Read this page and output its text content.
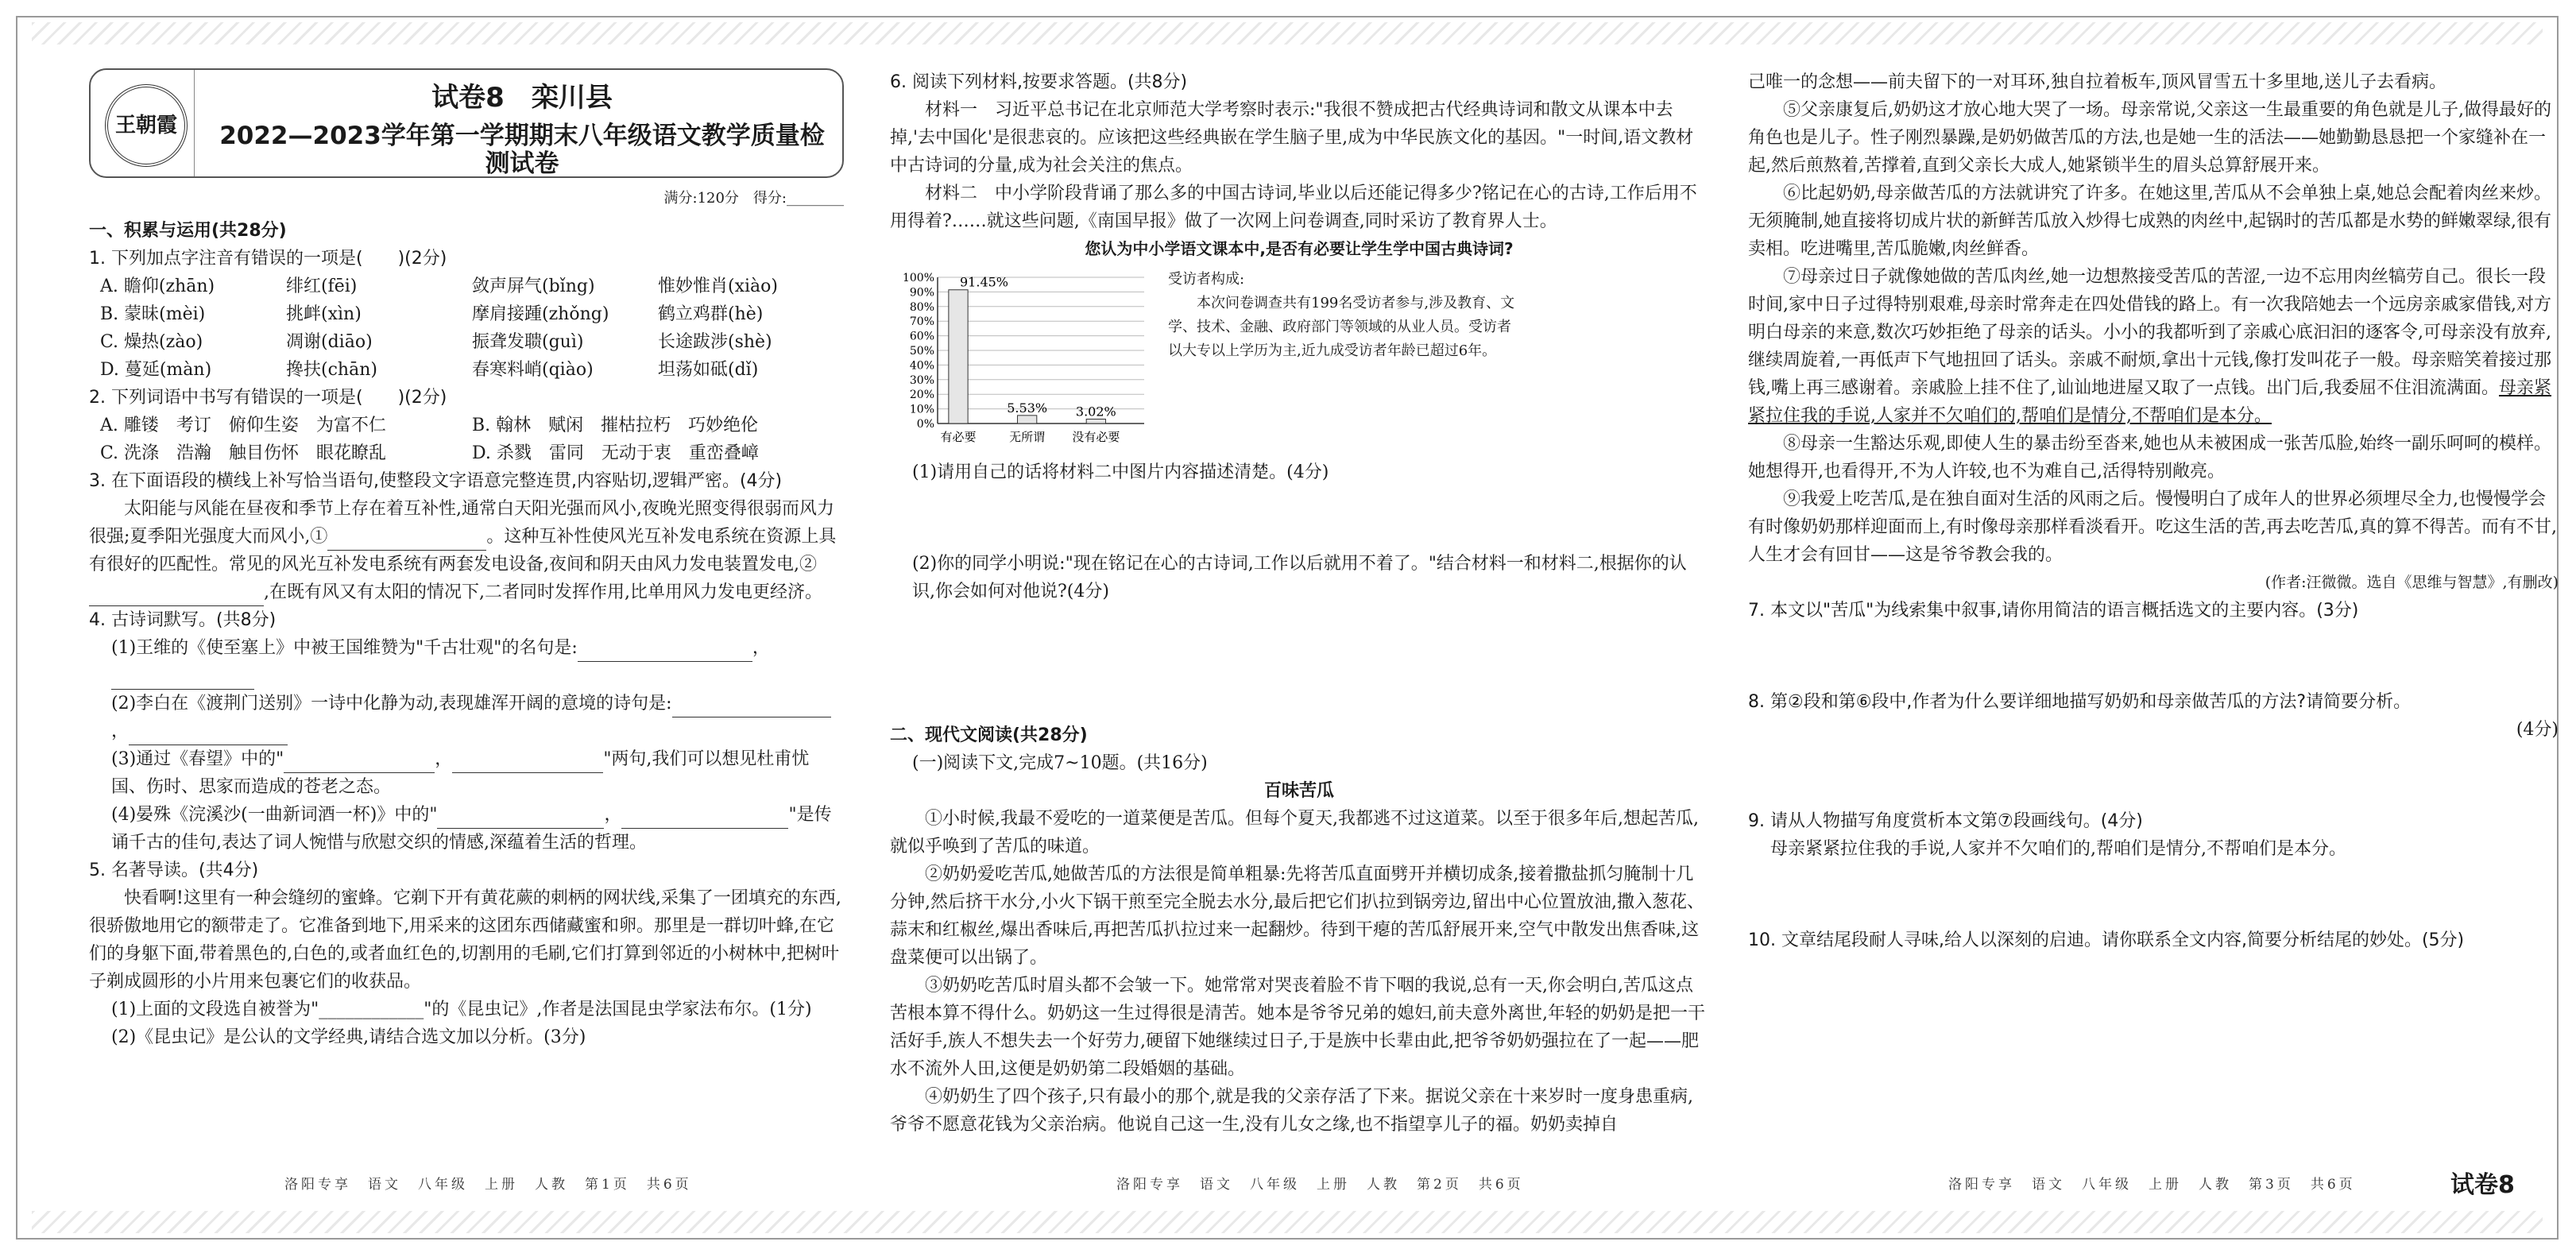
王朝霞
试卷8　栾川县
2022—2023学年第一学期期末八年级语文教学质量检测试卷
满分:120分　得分:________

一、积累与运用(共28分)

1. 下列加点字注音有错误的一项是(　　)(2分)

A. 瞻仰(zhān)	绯红(fēi)	敛声屏气(bǐng)	惟妙惟肖(xiào)
B. 蒙昧(mèi)	挑衅(xìn)	摩肩接踵(zhǒng)	鹤立鸡群(hè)
C. 燥热(zào)	凋谢(diāo)	振聋发聩(guì)	长途跋涉(shè)
D. 蔓延(màn)	搀扶(chān)	春寒料峭(qiào)	坦荡如砥(dǐ)

2. 下列词语中书写有错误的一项是(　　)(2分)

A. 雕镂　考订　俯仰生姿　为富不仁	B. 翰林　赋闲　摧枯拉朽　巧妙绝伦
C. 洗涤　浩瀚　触目伤怀　眼花瞭乱	D. 杀戮　雷同　无动于衷　重峦叠嶂

3. 在下面语段的横线上补写恰当语句,使整段文字语意完整连贯,内容贴切,逻辑严密。(4分)

太阳能与风能在昼夜和季节上存在着互补性,通常白天阳光强而风小,夜晚光照变得很弱而风力很强;夏季阳光强度大而风小,①	。这种互补性使风光互补发电系统在资源上具有很好的匹配性。常见的风光互补发电系统有两套发电设备,夜间和阴天由风力发电装置发电,②,在既有风又有太阳的情况下,二者同时发挥作用,比单用风力发电更经济。

4. 古诗词默写。(共8分)

(1)王维的《使至塞上》中被王国维赞为"千古壮观"的名句是:	，

(2)李白在《渡荆门送别》一诗中化静为动,表现雄浑开阔的意境的诗句是:，

(3)通过《春望》中的"	，	"两句,我们可以想见杜甫忧国、伤时、思家而造成的苍老之态。

(4)晏殊《浣溪沙(一曲新词酒一杯)》中的"	，	"是传诵千古的佳句,表达了词人惋惜与欣慰交织的情感,深蕴着生活的哲理。

5. 名著导读。(共4分)

快看啊!这里有一种会缝纫的蜜蜂。它剃下开有黄花蕨的刺柄的网状线,采集了一团填充的东西,很骄傲地用它的额带走了。它准备到地下,用采来的这团东西储藏蜜和卵。那里是一群切叶蜂,在它们的身躯下面,带着黑色的,白色的,或者血红色的,切割用的毛刷,它们打算到邻近的小树林中,把树叶子剃成圆形的小片用来包裹它们的收获品。

(1)上面的文段选自被誉为"____________"的《昆虫记》,作者是法国昆虫学家法布尔。(1分)

(2)《昆虫记》是公认的文学经典,请结合选文加以分析。(3分)

6. 阅读下列材料,按要求答题。(共8分)

材料一　习近平总书记在北京师范大学考察时表示:"我很不赞成把古代经典诗词和散文从课本中去掉,'去中国化'是很悲哀的。应该把这些经典嵌在学生脑子里,成为中华民族文化的基因。"一时间,语文教材中古诗词的分量,成为社会关注的焦点。

材料二　中小学阶段背诵了那么多的中国古诗词,毕业以后还能记得多少?铭记在心的古诗,工作后用不用得着?……就这些问题,《南国早报》做了一次网上问卷调查,同时采访了教育界人士。

您认为中小学语文课本中,是否有必要让学生学中国古典诗词?

0%
10%
20%
30%
40%
50%
60%
70%
80%
90%
100% 91.45%
有必要
5.53%
无所谓
3.02%
没有必要

受访者构成:

本次问卷调查共有199名受访者参与,涉及教育、文学、技术、金融、政府部门等领域的从业人员。受访者以大专以上学历为主,近九成受访者年龄已超过6年。

(1)请用自己的话将材料二中图片内容描述清楚。(4分)

(2)你的同学小明说:"现在铭记在心的古诗词,工作以后就用不着了。"结合材料一和材料二,根据你的认识,你会如何对他说?(4分)

二、现代文阅读(共28分)

(一)阅读下文,完成7~10题。(共16分)

百味苦瓜

①小时候,我最不爱吃的一道菜便是苦瓜。但每个夏天,我都逃不过这道菜。以至于很多年后,想起苦瓜,就似乎唤到了苦瓜的味道。

②奶奶爱吃苦瓜,她做苦瓜的方法很是简单粗暴:先将苦瓜直面劈开并横切成条,接着撒盐抓匀腌制十几分钟,然后挤干水分,小火下锅干煎至完全脱去水分,最后把它们扒拉到锅旁边,留出中心位置放油,撒入葱花、蒜末和红椒丝,爆出香味后,再把苦瓜扒拉过来一起翻炒。待到干瘪的苦瓜舒展开来,空气中散发出焦香味,这盘菜便可以出锅了。

③奶奶吃苦瓜时眉头都不会皱一下。她常常对哭丧着脸不肯下咽的我说,总有一天,你会明白,苦瓜这点苦根本算不得什么。奶奶这一生过得很是清苦。她本是爷爷兄弟的媳妇,前夫意外离世,年轻的奶奶是把一干活好手,族人不想失去一个好劳力,硬留下她继续过日子,于是族中长辈由此,把爷爷奶奶强拉在了一起——肥水不流外人田,这便是奶奶第二段婚姻的基础。

④奶奶生了四个孩子,只有最小的那个,就是我的父亲存活了下来。据说父亲在十来岁时一度身患重病,爷爷不愿意花钱为父亲治病。他说自己这一生,没有儿女之缘,也不指望享儿子的福。奶奶卖掉自

己唯一的念想——前夫留下的一对耳环,独自拉着板车,顶风冒雪五十多里地,送儿子去看病。

⑤父亲康复后,奶奶这才放心地大哭了一场。母亲常说,父亲这一生最重要的角色就是儿子,做得最好的角色也是儿子。性子刚烈暴躁,是奶奶做苦瓜的方法,也是她一生的活法——她勤勤恳恳把一个家缝补在一起,然后煎熬着,苦撑着,直到父亲长大成人,她紧锁半生的眉头总算舒展开来。

⑥比起奶奶,母亲做苦瓜的方法就讲究了许多。在她这里,苦瓜从不会单独上桌,她总会配着肉丝来炒。无须腌制,她直接将切成片状的新鲜苦瓜放入炒得七成熟的肉丝中,起锅时的苦瓜都是水势的鲜嫩翠绿,很有卖相。吃进嘴里,苦瓜脆嫩,肉丝鲜香。

⑦母亲过日子就像她做的苦瓜肉丝,她一边想熬接受苦瓜的苦涩,一边不忘用肉丝犒劳自己。很长一段时间,家中日子过得特别艰难,母亲时常奔走在四处借钱的路上。有一次我陪她去一个远房亲戚家借钱,对方明白母亲的来意,数次巧妙拒绝了母亲的话头。小小的我都听到了亲戚心底汩汩的逐客令,可母亲没有放弃,继续周旋着,一再低声下气地扭回了话头。亲戚不耐烦,拿出十元钱,像打发叫花子一般。母亲赔笑着接过那钱,嘴上再三感谢着。亲戚脸上挂不住了,讪讪地进屋又取了一点钱。出门后,我委屈不住泪流满面。母亲紧紧拉住我的手说,人家并不欠咱们的,帮咱们是情分,不帮咱们是本分。

⑧母亲一生豁达乐观,即使人生的暴击纷至沓来,她也从未被困成一张苦瓜脸,始终一副乐呵呵的模样。她想得开,也看得开,不为人许较,也不为难自己,活得特别敞亮。

⑨我爱上吃苦瓜,是在独自面对生活的风雨之后。慢慢明白了成年人的世界必须埋尽全力,也慢慢学会有时像奶奶那样迎面而上,有时像母亲那样看淡看开。吃这生活的苦,再去吃苦瓜,真的算不得苦。而有不甘,人生才会有回甘——这是爷爷教会我的。

(作者:汪微微。选自《思维与智慧》,有删改)

7. 本文以"苦瓜"为线索集中叙事,请你用简洁的语言概括选文的主要内容。(3分)

8. 第②段和第⑥段中,作者为什么要详细地描写奶奶和母亲做苦瓜的方法?请简要分析。

(4分)

9. 请从人物描写角度赏析本文第⑦段画线句。(4分)

母亲紧紧拉住我的手说,人家并不欠咱们的,帮咱们是情分,不帮咱们是本分。

10. 文章结尾段耐人寻味,给人以深刻的启迪。请你联系全文内容,简要分析结尾的妙处。(5分)

洛阳专享　语文　八年级　上册　人教　第1页　共6页	洛阳专享　语文　八年级　上册　人教　第2页　共6页	洛阳专享　语文　八年级　上册　人教　第3页　共6页	试卷8
